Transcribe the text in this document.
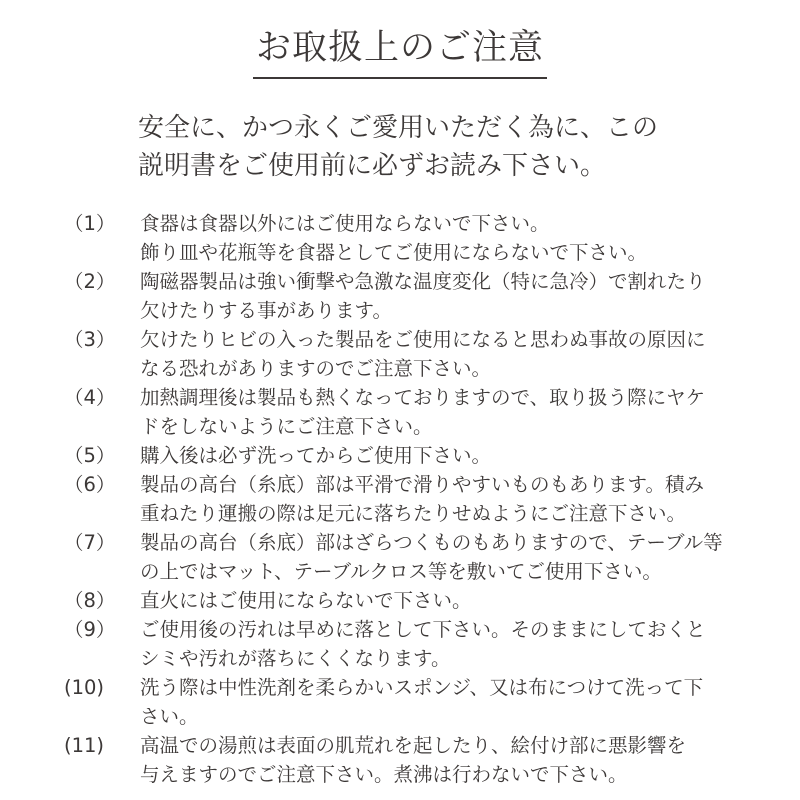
お取扱上のご注意

安全に、かつ永くご愛用いただく為に、この
説明書をご使用前に必ずお読み下さい。

（1）	食器は食器以外にはご使用ならないで下さい。
飾り皿や花瓶等を食器としてご使用にならないで下さい。
（2）	陶磁器製品は強い衝撃や急激な温度変化（特に急冷）で割れたり
欠けたりする事があります。
（3）	欠けたりヒビの入った製品をご使用になると思わぬ事故の原因に
なる恐れがありますのでご注意下さい。
（4）	加熱調理後は製品も熱くなっておりますので、取り扱う際にヤケ
ドをしないようにご注意下さい。
（5）	購入後は必ず洗ってからご使用下さい。
（6）	製品の高台（糸底）部は平滑で滑りやすいものもあります。積み
重ねたり運搬の際は足元に落ちたりせぬようにご注意下さい。
（7）	製品の高台（糸底）部はざらつくものもありますので、テーブル等
の上ではマット、テーブルクロス等を敷いてご使用下さい。
（8）	直火にはご使用にならないで下さい。
（9）	ご使用後の汚れは早めに落として下さい。そのままにしておくと
シミや汚れが落ちにくくなります。
(10)	洗う際は中性洗剤を柔らかいスポンジ、又は布につけて洗って下
さい。
(11)	高温での湯煎は表面の肌荒れを起したり、絵付け部に悪影響を
与えますのでご注意下さい。煮沸は行わないで下さい。
